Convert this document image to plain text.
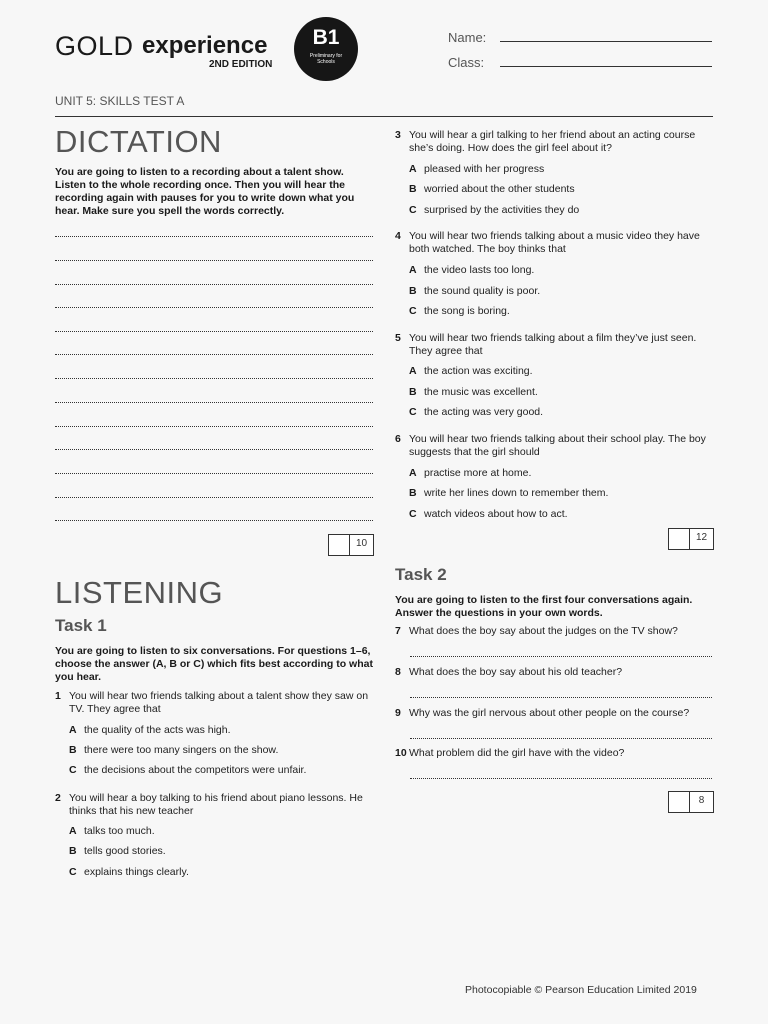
GOLD experience
2ND EDITION
B1
Preliminary for Schools
Name:
Class:
UNIT 5: SKILLS TEST A
DICTATION
You are going to listen to a recording about a talent show. Listen to the whole recording once. Then you will hear the recording again with pauses for you to write down what you hear. Make sure you spell the words correctly.
10
LISTENING
Task 1
You are going to listen to six conversations. For questions 1–6, choose the answer (A, B or C) which fits best according to what you hear.
1 You will hear two friends talking about a talent show they saw on TV. They agree that
A the quality of the acts was high.
B there were too many singers on the show.
C the decisions about the competitors were unfair.
2 You will hear a boy talking to his friend about piano lessons. He thinks that his new teacher
A talks too much.
B tells good stories.
C explains things clearly.
3 You will hear a girl talking to her friend about an acting course she’s doing. How does the girl feel about it?
A pleased with her progress
B worried about the other students
C surprised by the activities they do
4 You will hear two friends talking about a music video they have both watched. The boy thinks that
A the video lasts too long.
B the sound quality is poor.
C the song is boring.
5 You will hear two friends talking about a film they’ve just seen. They agree that
A the action was exciting.
B the music was excellent.
C the acting was very good.
6 You will hear two friends talking about their school play. The boy suggests that the girl should
A practise more at home.
B write her lines down to remember them.
C watch videos about how to act.
12
Task 2
You are going to listen to the first four conversations again. Answer the questions in your own words.
7 What does the boy say about the judges on the TV show?
8 What does the boy say about his old teacher?
9 Why was the girl nervous about other people on the course?
10 What problem did the girl have with the video?
8
Photocopiable © Pearson Education Limited 2019
